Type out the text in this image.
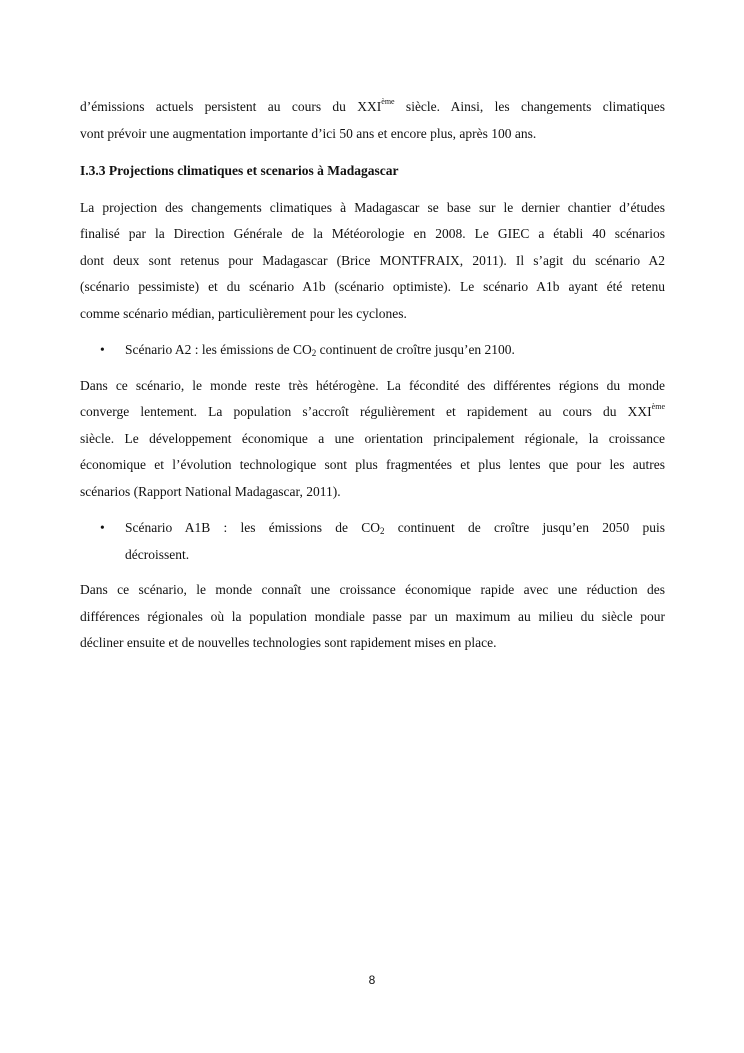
d’émissions actuels persistent au cours du XXIème siècle. Ainsi, les changements climatiques
vont prévoir une augmentation importante d’ici 50 ans et encore plus, après 100 ans.
I.3.3 Projections climatiques et scenarios à Madagascar
La projection des changements climatiques à Madagascar se base sur le dernier chantier d’études
finalisé par la Direction Générale de la Météorologie en 2008. Le GIEC a établi 40 scénarios
dont deux sont retenus pour Madagascar (Brice MONTFRAIX, 2011). Il s’agit du scénario A2
(scénario pessimiste) et du scénario A1b (scénario optimiste). Le scénario A1b ayant été retenu
comme scénario médian, particulièrement pour les cyclones.
• Scénario A2 : les émissions de $CO_2$ continuent de croître jusqu’en 2100.
Dans ce scénario, le monde reste très hétérogène. La fécondité des différentes régions du monde
converge lentement. La population s’accroît régulièrement et rapidement au cours du XXIème
siècle. Le développement économique a une orientation principalement régionale, la croissance
économique et l’évolution technologique sont plus fragmentées et plus lentes que pour les autres
scénarios (Rapport National Madagascar, 2011).
• Scénario A1B : les émissions de $CO_2$ continuent de croître jusqu’en 2050 puis
décroissent.
Dans ce scénario, le monde connaît une croissance économique rapide avec une réduction des
différences régionales où la population mondiale passe par un maximum au milieu du siècle pour
décliner ensuite et de nouvelles technologies sont rapidement mises en place.
8
